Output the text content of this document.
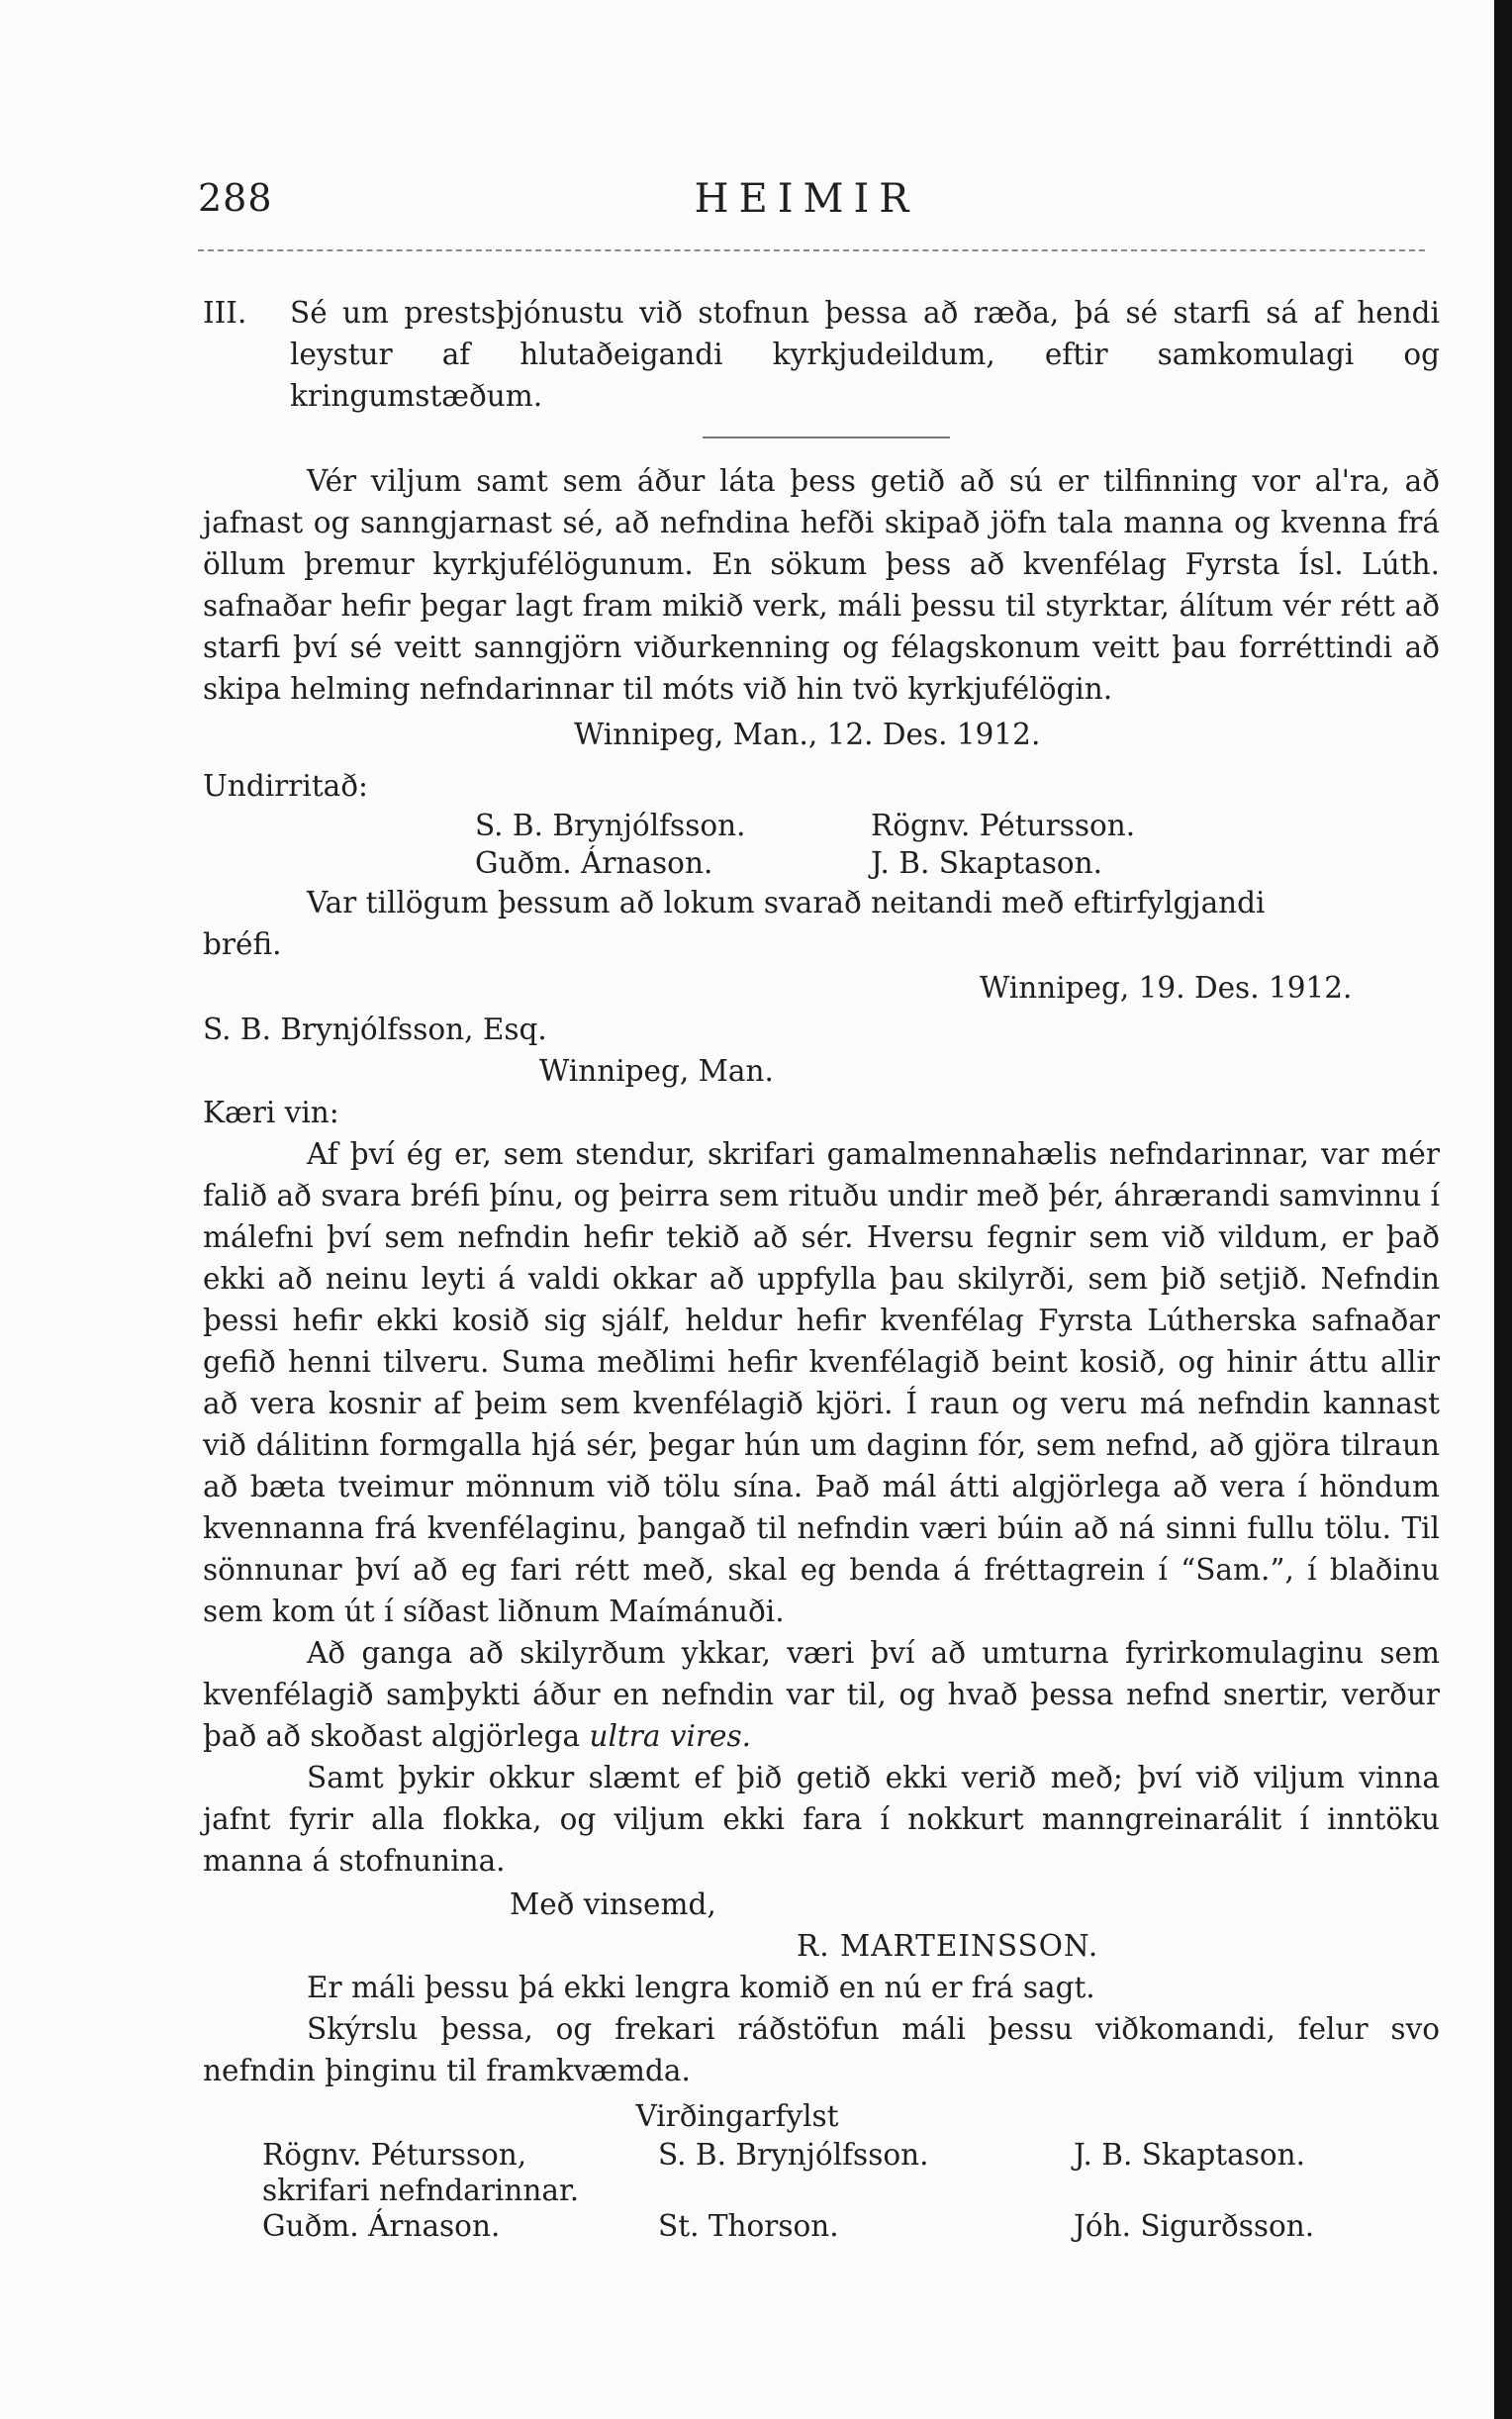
288	HEIMIR
III.	Sé um prestsþjónustu við stofnun þessa að ræða, þá sé starfi sá af hendi leystur af hlutaðeigandi kyrkjudeildum, eftir samkomulagi og kringumstæðum.

Vér viljum samt sem áður láta þess getið að sú er tilfinning vor al'ra, að jafnast og sanngjarnast sé, að nefndina hefði skipað jöfn tala manna og kvenna frá öllum þremur kyrkjufélögunum. En sökum þess að kvenfélag Fyrsta Ísl. Lúth. safnaðar hefir þegar lagt fram mikið verk, máli þessu til styrktar, álítum vér rétt að starfi því sé veitt sanngjörn viðurkenning og félagskonum veitt þau forréttindi að skipa helming nefndarinnar til móts við hin tvö kyrkjufélögin.

Winnipeg, Man., 12. Des. 1912.
Undirritað:
S. B. Brynjólfsson.	Rögnv. Pétursson.
Guðm. Árnason.	J. B. Skaptason.

Var tillögum þessum að lokum svarað neitandi með eftirfylgjandi

bréfi.
Winnipeg, 19. Des. 1912.
S. B. Brynjólfsson, Esq.
Winnipeg, Man.
Kæri vin:

Af því ég er, sem stendur, skrifari gamalmennahælis nefndarinnar, var mér falið að svara bréfi þínu, og þeirra sem rituðu undir með þér, áhrærandi samvinnu í málefni því sem nefndin hefir tekið að sér. Hversu fegnir sem við vildum, er það ekki að neinu leyti á valdi okkar að uppfylla þau skilyrði, sem þið setjið. Nefndin þessi hefir ekki kosið sig sjálf, heldur hefir kvenfélag Fyrsta Lútherska safnaðar gefið henni tilveru. Suma meðlimi hefir kvenfélagið beint kosið, og hinir áttu allir að vera kosnir af þeim sem kvenfélagið kjöri. Í raun og veru má nefndin kannast við dálitinn formgalla hjá sér, þegar hún um daginn fór, sem nefnd, að gjöra tilraun að bæta tveimur mönnum við tölu sína. Það mál átti algjörlega að vera í höndum kvennanna frá kvenfélaginu, þangað til nefndin væri búin að ná sinni fullu tölu. Til sönnunar því að eg fari rétt með, skal eg benda á fréttagrein í “Sam.”, í blaðinu sem kom út í síðast liðnum Maímánuði.

Að ganga að skilyrðum ykkar, væri því að umturna fyrirkomulaginu sem kvenfélagið samþykti áður en nefndin var til, og hvað þessa nefnd snertir, verður það að skoðast algjörlega ultra vires.

Samt þykir okkur slæmt ef þið getið ekki verið með; því við viljum vinna jafnt fyrir alla flokka, og viljum ekki fara í nokkurt manngreinarálit í inntöku manna á stofnunina.

Með vinsemd,
R. MARTEINSSON.

Er máli þessu þá ekki lengra komið en nú er frá sagt.

Skýrslu þessa, og frekari ráðstöfun máli þessu viðkomandi, felur svo nefndin þinginu til framkvæmda.

Virðingarfylst
Rögnv. Pétursson,	S. B. Brynjólfsson.	J. B. Skaptason.
skrifari nefndarinnar.
Guðm. Árnason.	St. Thorson.	Jóh. Sigurðsson.
